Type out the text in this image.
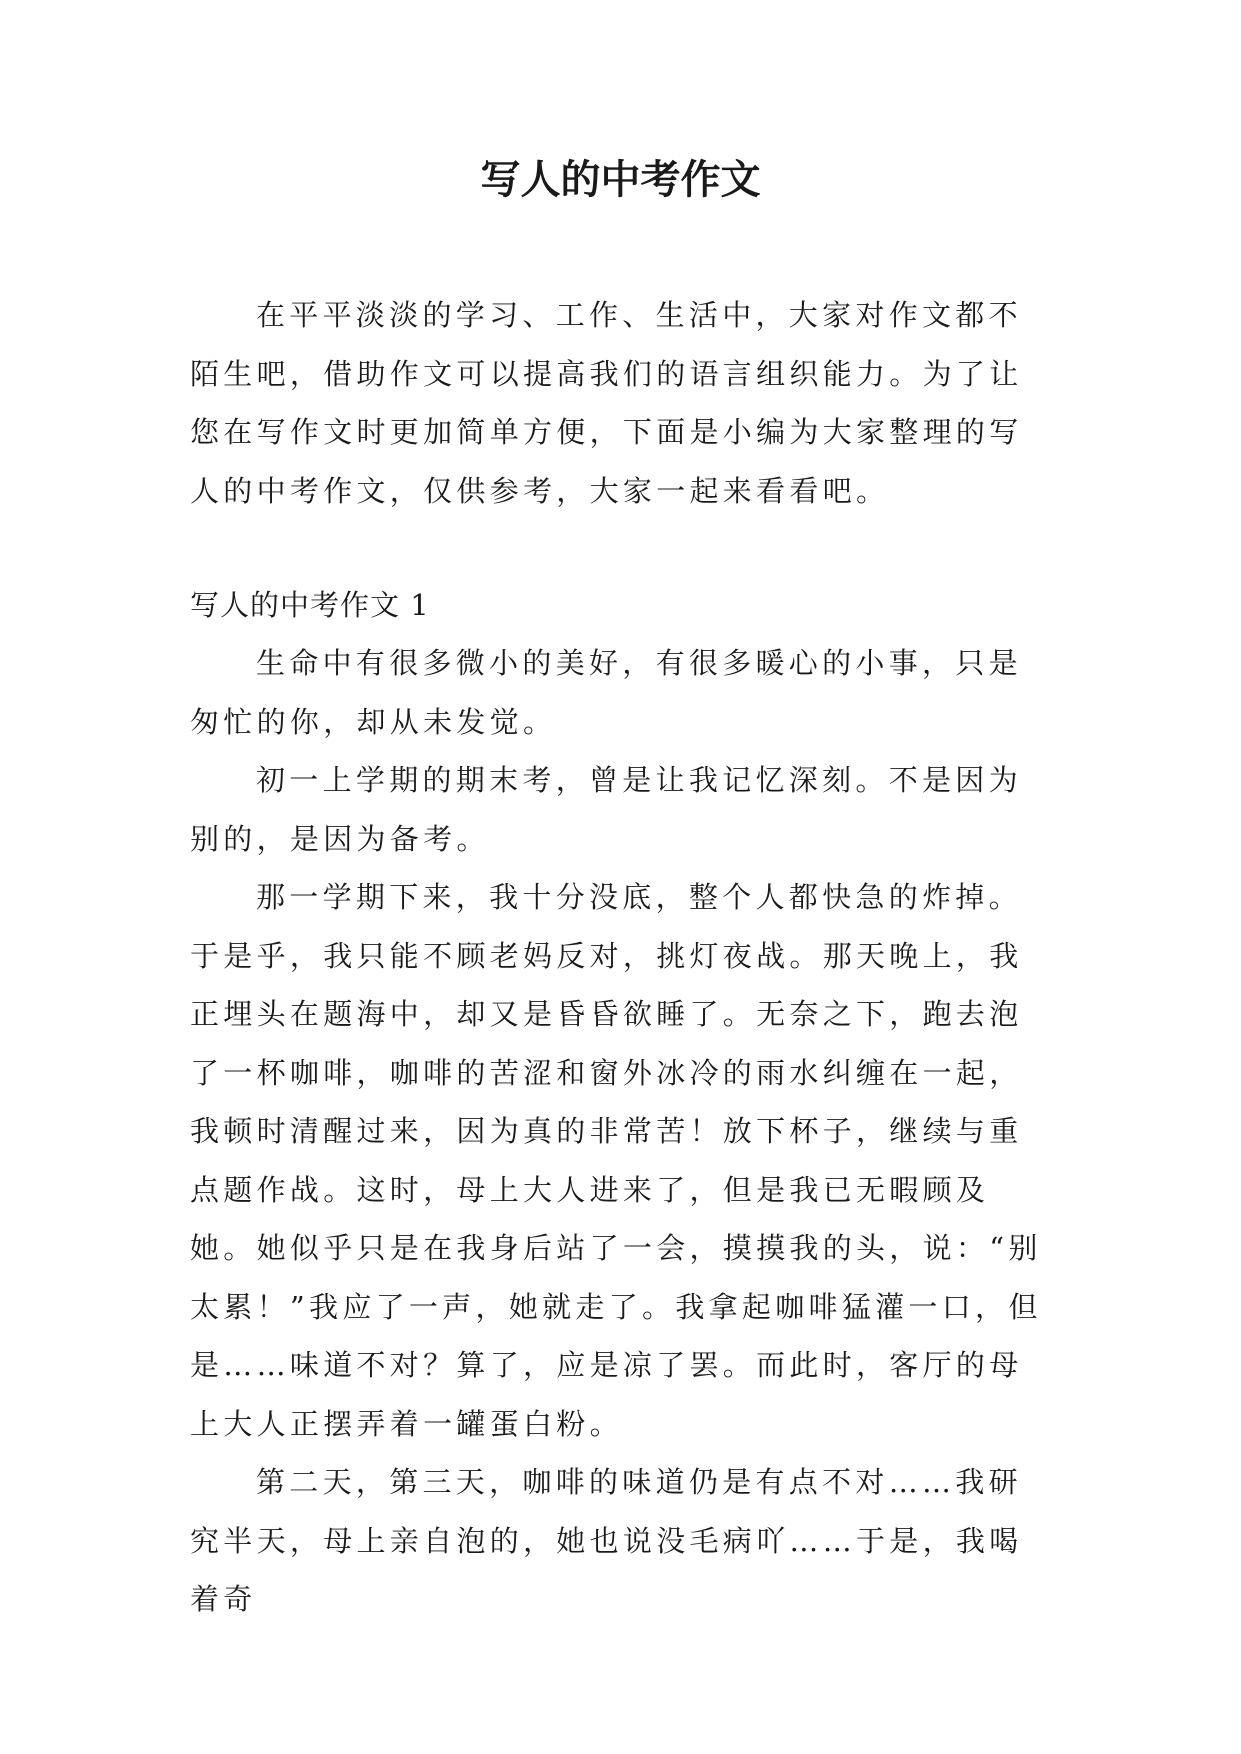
写人的中考作文

在平平淡淡的学习、工作、生活中，大家对作文都不陌生吧，借助作文可以提高我们的语言组织能力。为了让您在写作文时更加简单方便，下面是小编为大家整理的写人的中考作文，仅供参考，大家一起来看看吧。

写人的中考作文 1

生命中有很多微小的美好，有很多暖心的小事，只是匆忙的你，却从未发觉。

初一上学期的期末考，曾是让我记忆深刻。不是因为别的，是因为备考。

那一学期下来，我十分没底，整个人都快急的炸掉。于是乎，我只能不顾老妈反对，挑灯夜战。那天晚上，我正埋头在题海中，却又是昏昏欲睡了。无奈之下，跑去泡了一杯咖啡，咖啡的苦涩和窗外冰冷的雨水纠缠在一起，我顿时清醒过来，因为真的非常苦！放下杯子，继续与重点题作战。这时，母上大人进来了，但是我已无暇顾及她。她似乎只是在我身后站了一会，摸摸我的头，说：“别太累！”我应了一声，她就走了。我拿起咖啡猛灌一口，但是……味道不对？算了，应是凉了罢。而此时，客厅的母上大人正摆弄着一罐蛋白粉。

第二天，第三天，咖啡的味道仍是有点不对……我研究半天，母上亲自泡的，她也说没毛病吖……于是，我喝着奇
